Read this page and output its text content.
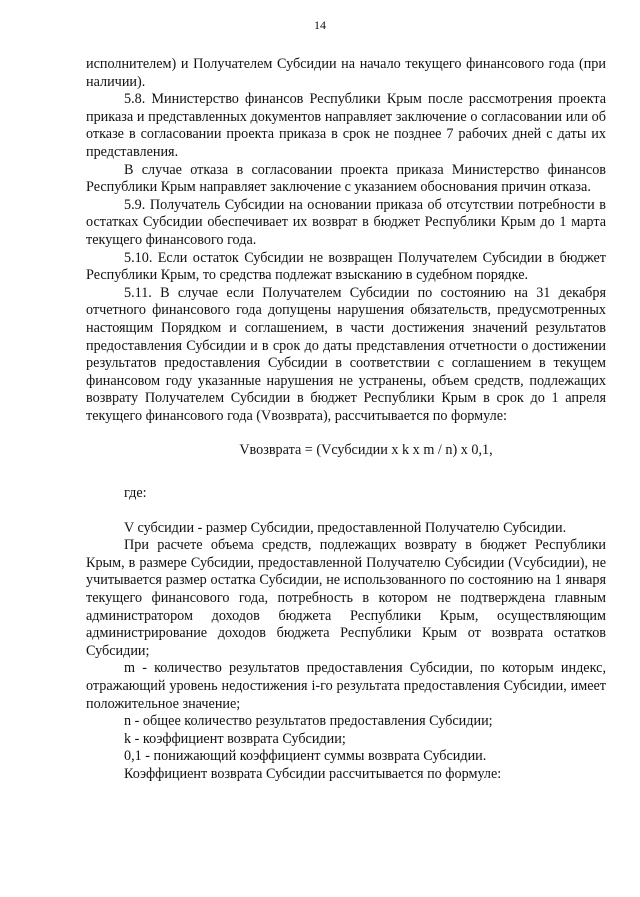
14

исполнителем) и Получателем Субсидии на начало текущего финансового года (при наличии).

5.8. Министерство финансов Республики Крым после рассмотрения проекта приказа и представленных документов направляет заключение о согласовании или об отказе в согласовании проекта приказа в срок не позднее 7 рабочих дней с даты их представления.

В случае отказа в согласовании проекта приказа Министерство финансов Республики Крым направляет заключение с указанием обоснования причин отказа.

5.9. Получатель Субсидии на основании приказа об отсутствии потребности в остатках Субсидии обеспечивает их возврат в бюджет Республики Крым до 1 марта текущего финансового года.

5.10. Если остаток Субсидии не возвращен Получателем Субсидии в бюджет Республики Крым, то средства подлежат взысканию в судебном порядке.

5.11. В случае если Получателем Субсидии по состоянию на 31 декабря отчетного финансового года допущены нарушения обязательств, предусмотренных настоящим Порядком и соглашением, в части достижения значений результатов предоставления Субсидии и в срок до даты представления отчетности о достижении результатов предоставления Субсидии в соответствии с соглашением в текущем финансовом году указанные нарушения не устранены, объем средств, подлежащих возврату Получателем Субсидии в бюджет Республики Крым в срок до 1 апреля текущего финансового года (Vвозврата), рассчитывается по формуле:

Vвозврата = (Vсубсидии x k x m / n) x 0,1,

где:

V субсидии - размер Субсидии, предоставленной Получателю Субсидии.

При расчете объема средств, подлежащих возврату в бюджет Республики Крым, в размере Субсидии, предоставленной Получателю Субсидии (Vсубсидии), не учитывается размер остатка Субсидии, не использованного по состоянию на 1 января текущего финансового года, потребность в котором не подтверждена главным администратором доходов бюджета Республики Крым, осуществляющим администрирование доходов бюджета Республики Крым от возврата остатков Субсидии;

m - количество результатов предоставления Субсидии, по которым индекс, отражающий уровень недостижения i-го результата предоставления Субсидии, имеет положительное значение;

n - общее количество результатов предоставления Субсидии;

k - коэффициент возврата Субсидии;

0,1 - понижающий коэффициент суммы возврата Субсидии.

Коэффициент возврата Субсидии рассчитывается по формуле:
